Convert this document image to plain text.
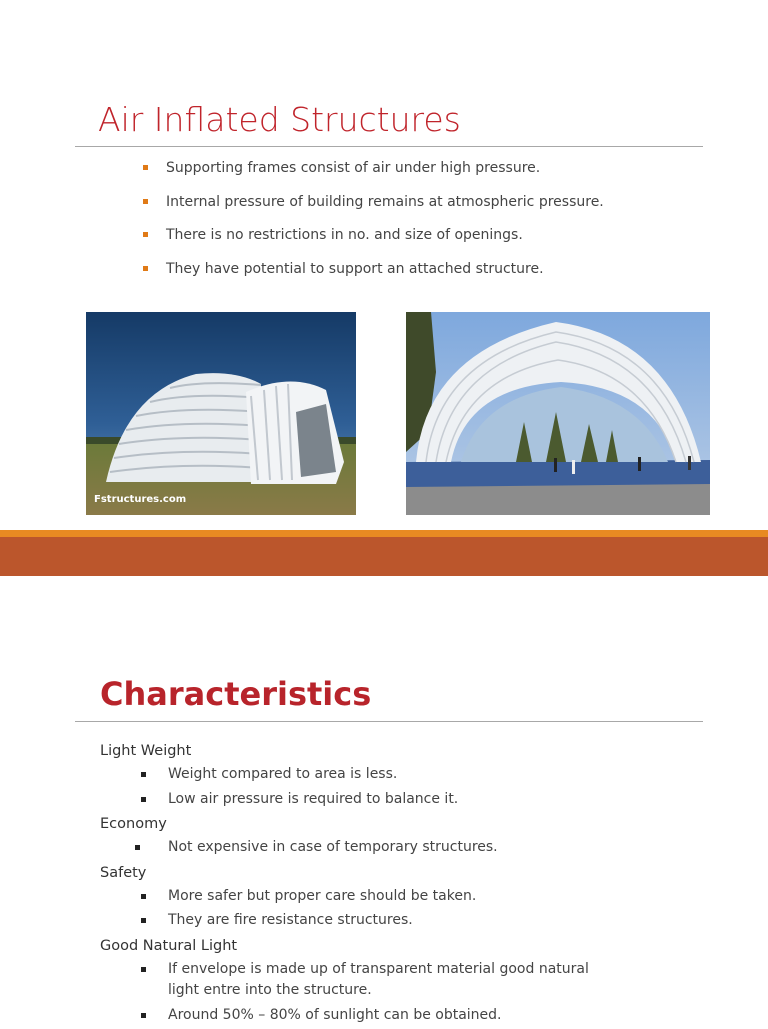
Air Inflated Structures
Supporting frames consist of air under high pressure.
Internal pressure of building remains at atmospheric pressure.
There is no restrictions in no. and size of openings.
They have potential to support an attached structure.
Fstructures.com
Characteristics
Light Weight
Weight compared to area is less.
Low air pressure is required to balance it.
Economy
Not expensive in case of temporary structures.
Safety
More safer but proper care should be taken.
They are fire resistance structures.
Good Natural Light
If envelope is made up of transparent material good natural light entre into the structure.
Around 50% – 80% of sunlight can be obtained.
